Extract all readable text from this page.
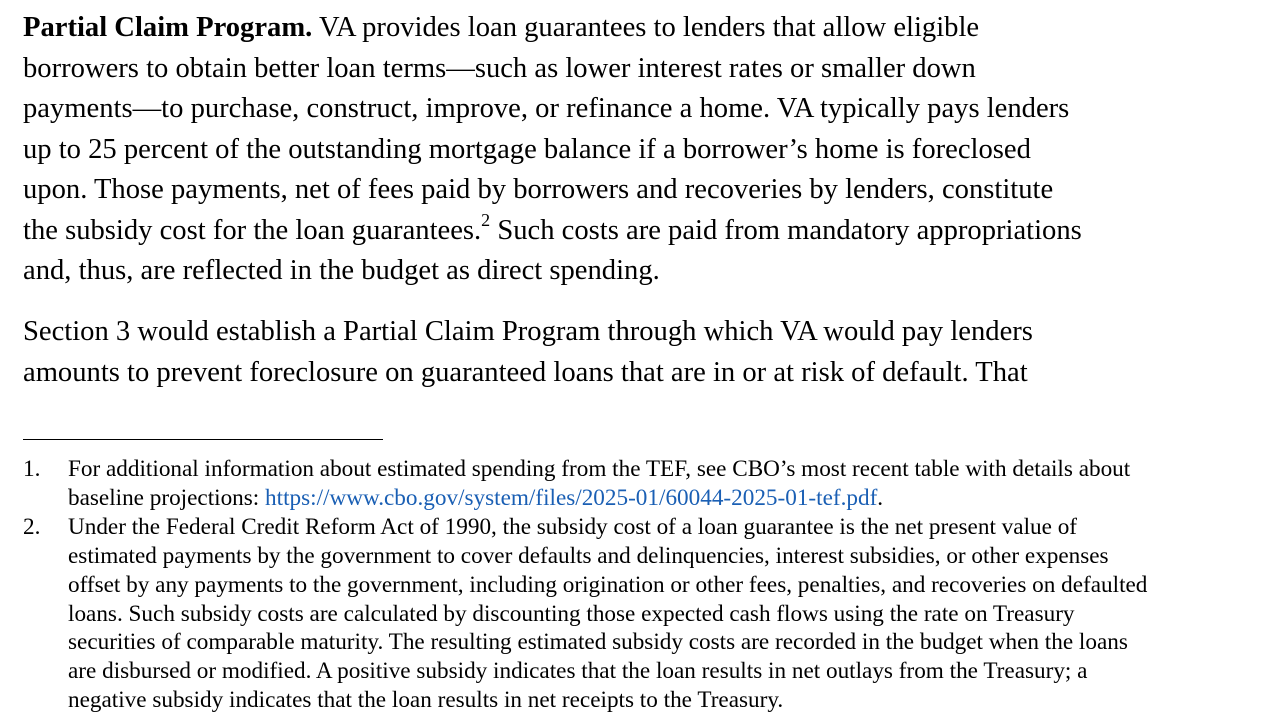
Partial Claim Program. VA provides loan guarantees to lenders that allow eligible
borrowers to obtain better loan terms—such as lower interest rates or smaller down
payments—to purchase, construct, improve, or refinance a home. VA typically pays lenders
up to 25 percent of the outstanding mortgage balance if a borrower’s home is foreclosed
upon. Those payments, net of fees paid by borrowers and recoveries by lenders, constitute
the subsidy cost for the loan guarantees.$^2$ Such costs are paid from mandatory appropriations
and, thus, are reflected in the budget as direct spending.

Section 3 would establish a Partial Claim Program through which VA would pay lenders
amounts to prevent foreclosure on guaranteed loans that are in or at risk of default. That

1. For additional information about estimated spending from the TEF, see CBO’s most recent table with details about
baseline projections: https://www.cbo.gov/system/files/2025-01/60044-2025-01-tef.pdf.
2. Under the Federal Credit Reform Act of 1990, the subsidy cost of a loan guarantee is the net present value of
estimated payments by the government to cover defaults and delinquencies, interest subsidies, or other expenses
offset by any payments to the government, including origination or other fees, penalties, and recoveries on defaulted
loans. Such subsidy costs are calculated by discounting those expected cash flows using the rate on Treasury
securities of comparable maturity. The resulting estimated subsidy costs are recorded in the budget when the loans
are disbursed or modified. A positive subsidy indicates that the loan results in net outlays from the Treasury; a
negative subsidy indicates that the loan results in net receipts to the Treasury.
